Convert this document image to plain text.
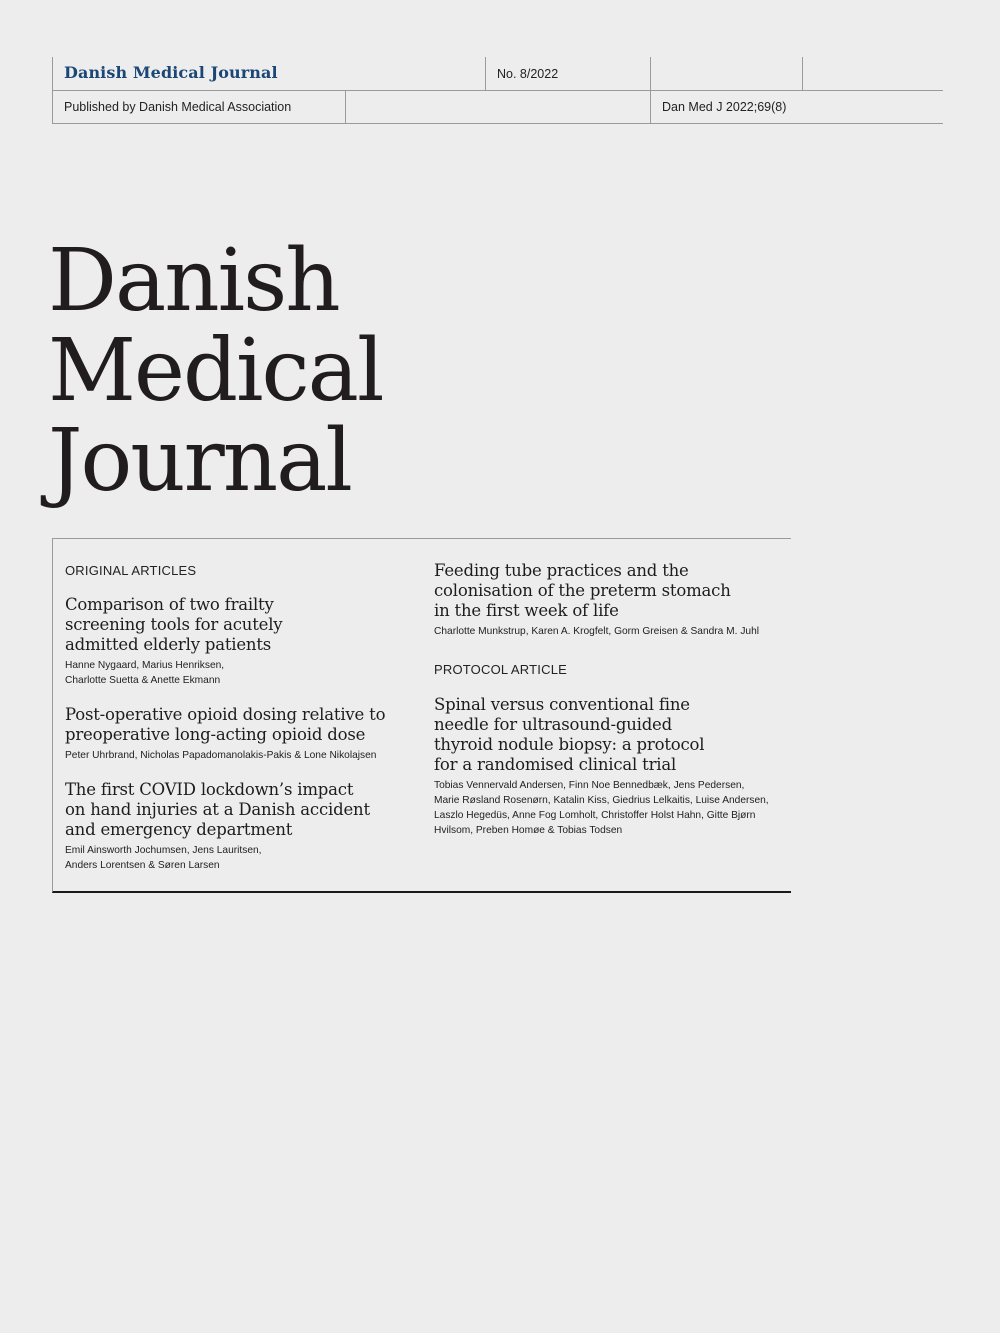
Danish Medical Journal	No. 8/2022
Published by Danish Medical Association	Dan Med J 2022;69(8)
Danish
Medical
Journal
ORIGINAL ARTICLES
Comparison of two frailty
screening tools for acutely
admitted elderly patients
Hanne Nygaard, Marius Henriksen,
Charlotte Suetta & Anette Ekmann
Post-operative opioid dosing relative to
preoperative long-acting opioid dose
Peter Uhrbrand, Nicholas Papadomanolakis-Pakis & Lone Nikolajsen
The first COVID lockdown’s impact
on hand injuries at a Danish accident
and emergency department
Emil Ainsworth Jochumsen, Jens Lauritsen,
Anders Lorentsen & Søren Larsen
Feeding tube practices and the
colonisation of the preterm stomach
in the first week of life
Charlotte Munkstrup, Karen A. Krogfelt, Gorm Greisen & Sandra M. Juhl
PROTOCOL ARTICLE
Spinal versus conventional fine
needle for ultrasound-guided
thyroid nodule biopsy: a protocol
for a randomised clinical trial
Tobias Vennervald Andersen, Finn Noe Bennedbæk, Jens Pedersen,
Marie Røsland Rosenørn, Katalin Kiss, Giedrius Lelkaitis, Luise Andersen,
Laszlo Hegedüs, Anne Fog Lomholt, Christoffer Holst Hahn, Gitte Bjørn
Hvilsom, Preben Homøe & Tobias Todsen
